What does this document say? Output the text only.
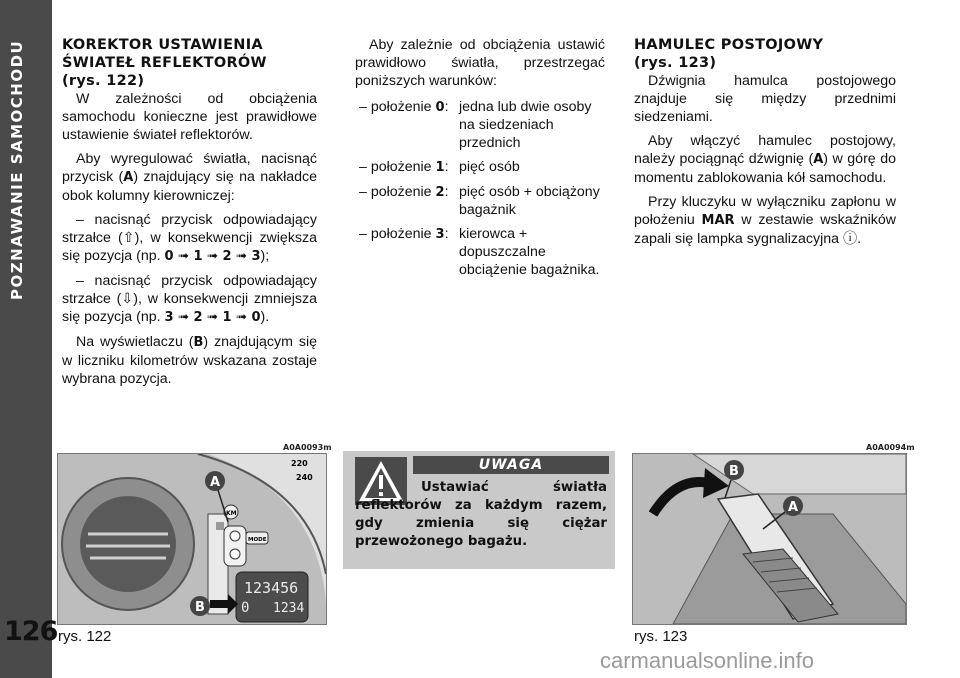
POZNAWANIE SAMOCHODU
126
KOREKTOR USTAWIENIA
ŚWIATEŁ REFLEKTORÓW
(rys. 122)

W zależności od obciążenia samochodu konieczne jest prawidłowe ustawienie świateł reflektorów.

Aby wyregulować światła, nacisnąć przycisk (A) znajdujący się na nakładce obok kolumny kierowniczej:

– nacisnąć przycisk odpowiadający strzałce (⇧), w konsekwencji zwiększa się pozycja (np. 0 ➟ 1 ➟ 2 ➟ 3);

– nacisnąć przycisk odpowiadający strzałce (⇩), w konsekwencji zmniejsza się pozycja (np. 3 ➟ 2 ➟ 1 ➟ 0).

Na wyświetlaczu (B) znajdującym się w liczniku kilometrów wskazana zostaje wybrana pozycja.

Aby zależnie od obciążenia ustawić prawidłowo światła, przestrzegać poniższych warunków:

– położenie 0: jedna lub dwie osoby na siedzeniach przednich
– położenie 1: pięć osób
– położenie 2: pięć osób + obciążony bagażnik
– położenie 3: kierowca + dopuszczalne obciążenie bagażnika.
HAMULEC POSTOJOWY
(rys. 123)

Dźwignia hamulca postojowego znajduje się między przednimi siedzeniami.

Aby włączyć hamulec postojowy, należy pociągnąć dźwignię (A) w górę do momentu zablokowania kół samochodu.

Przy kluczyku w wyłączniku zapłonu w położeniu MAR w zestawie wskaźników zapali się lampka sygnalizacyjna ⓘ.

A0A0093m
220
240
KM
MODE
123456
0 1234
A
B
rys. 122
UWAGA
Ustawiać światła reflektorów za każdym razem, gdy zmienia się ciężar przewożonego bagażu.
A0A0094m
B
A
rys. 123
carmanualsonline.info
